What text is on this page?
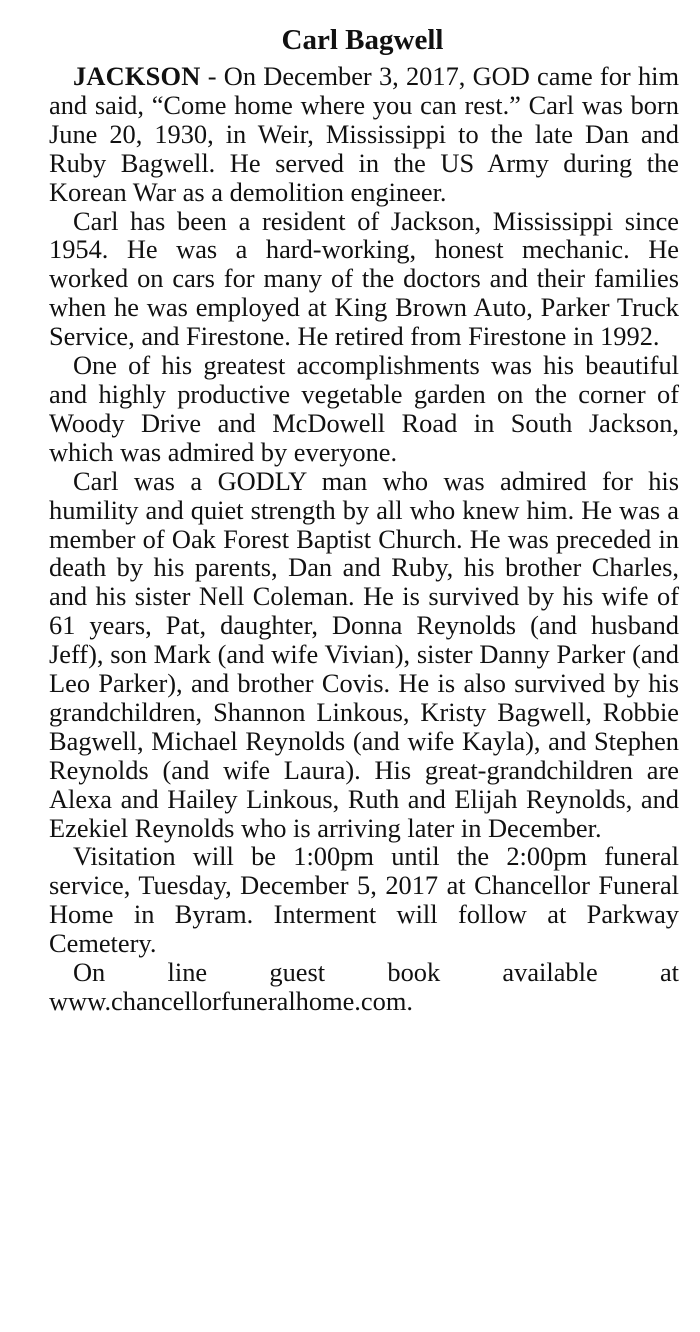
Carl Bagwell

JACKSON - On December 3, 2017, GOD came for him and said, “Come home where you can rest.” Carl was born June 20, 1930, in Weir, Mississippi to the late Dan and Ruby Bagwell. He served in the US Army during the Korean War as a demolition engineer.

Carl has been a resident of Jackson, Mississippi since 1954. He was a hard-working, honest mechanic. He worked on cars for many of the doctors and their families when he was employed at King Brown Auto, Parker Truck Service, and Firestone. He retired from Firestone in 1992.

One of his greatest accomplishments was his beautiful and highly productive vegetable garden on the corner of Woody Drive and McDowell Road in South Jackson, which was admired by everyone.

Carl was a GODLY man who was admired for his humility and quiet strength by all who knew him. He was a member of Oak Forest Baptist Church. He was preceded in death by his parents, Dan and Ruby, his brother Charles, and his sister Nell Coleman. He is survived by his wife of 61 years, Pat, daughter, Donna Reynolds (and husband Jeff), son Mark (and wife Vivian), sister Danny Parker (and Leo Parker), and brother Covis. He is also survived by his grandchildren, Shannon Linkous, Kristy Bagwell, Robbie Bagwell, Michael Reynolds (and wife Kayla), and Stephen Reynolds (and wife Laura). His great-grandchildren are Alexa and Hailey Linkous, Ruth and Elijah Reynolds, and Ezekiel Reynolds who is arriving later in December.

Visitation will be 1:00pm until the 2:00pm funeral service, Tuesday, December 5, 2017 at Chancellor Funeral Home in Byram. Interment will follow at Parkway Cemetery.

On line guest book available at www.chancellorfuneralhome.com.
